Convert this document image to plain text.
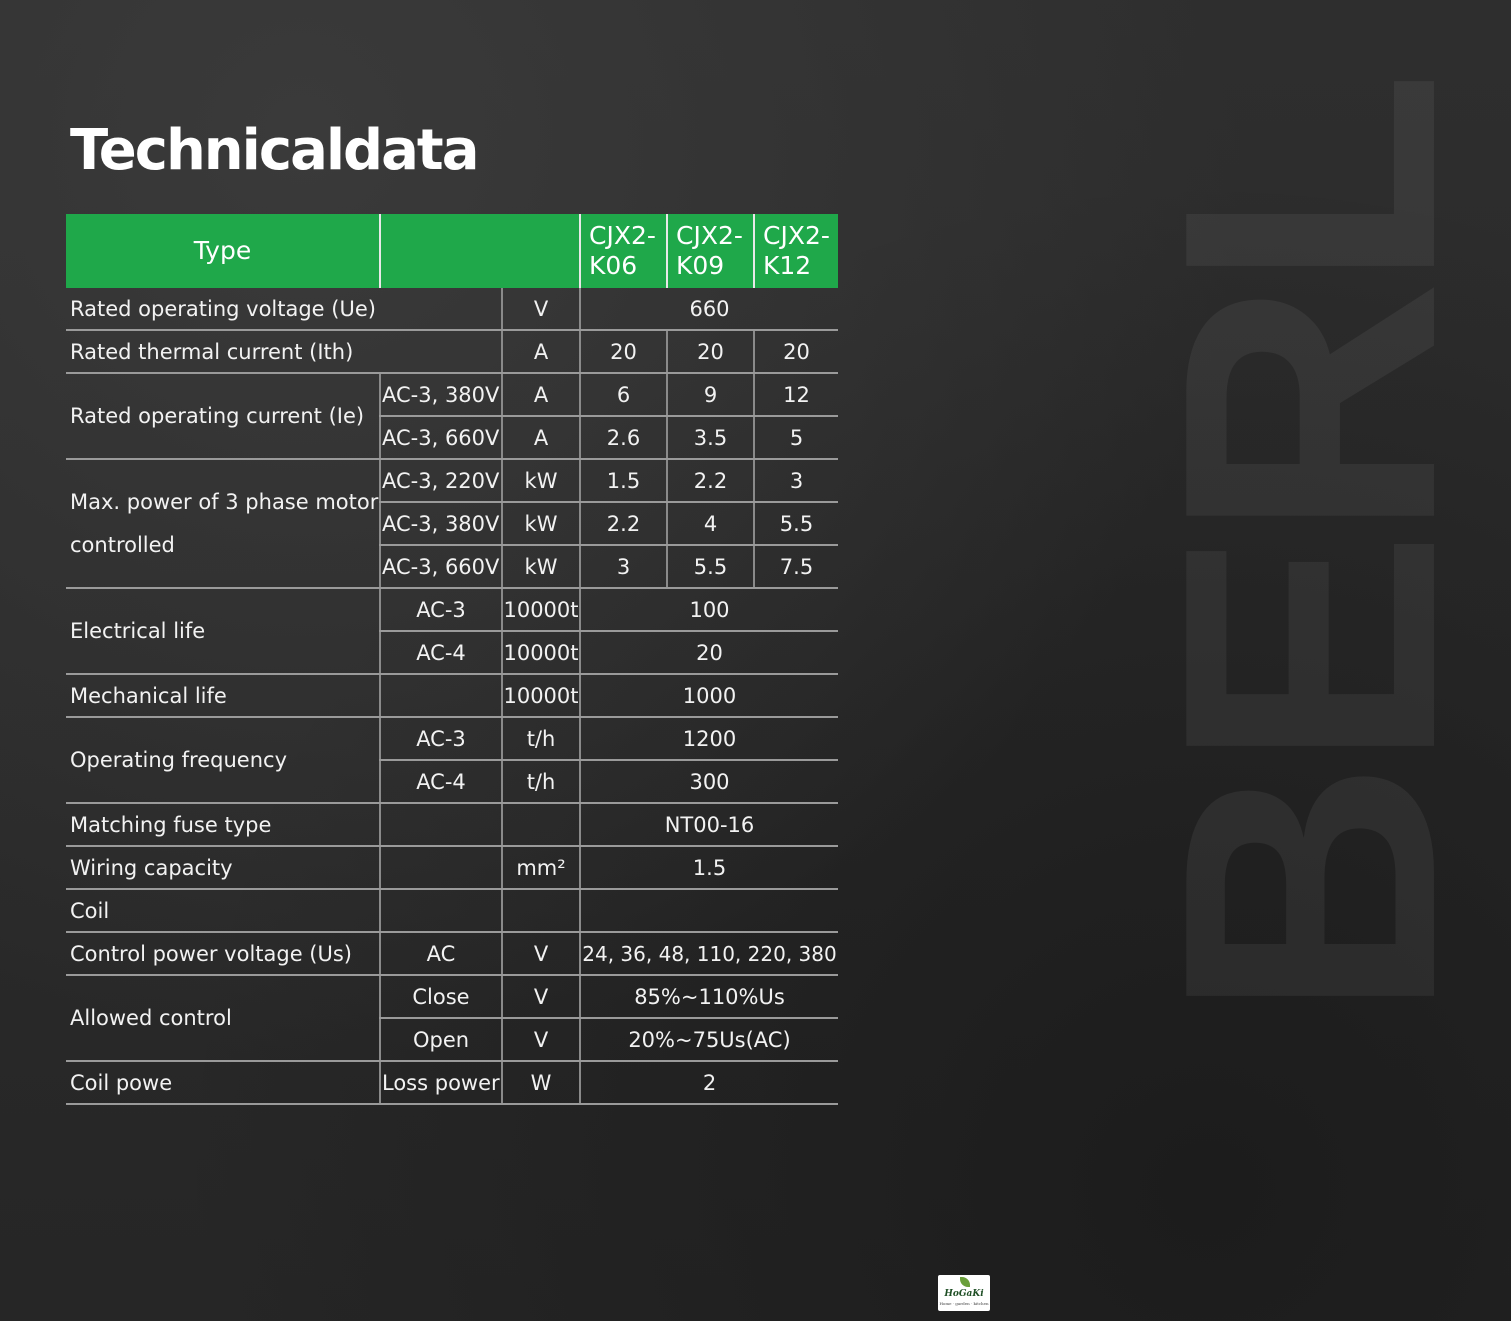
BERL
Technicaldata
Type			CJX2-K06	CJX2-K09	CJX2-K12
Rated operating voltage (Ue)		V	660		
Rated thermal current (Ith)		A	20	20	20
Rated operating current (Ie)	AC-3, 380V	A	6	9	12
	AC-3, 660V	A	2.6	3.5	5
Max. power of 3 phase motor controlled	AC-3, 220V	kW	1.5	2.2	3
	AC-3, 380V	kW	2.2	4	5.5
	AC-3, 660V	kW	3	5.5	7.5
Electrical life	AC-3	10000t	100		
	AC-4	10000t	20		
Mechanical life		10000t	1000		
Operating frequency	AC-3	t/h	1200		
	AC-4	t/h	300		
Matching fuse type			NT00-16		
Wiring capacity		mm²	1.5		
Coil					
Control power voltage (Us)	AC	V	24, 36, 48, 110, 220, 380		
Allowed control	Close	V	85%~110%Us		
	Open	V	20%~75Us(AC)		
Coil powe	Loss power	W	2		
HoGaKi
Home · garden · kitchen
